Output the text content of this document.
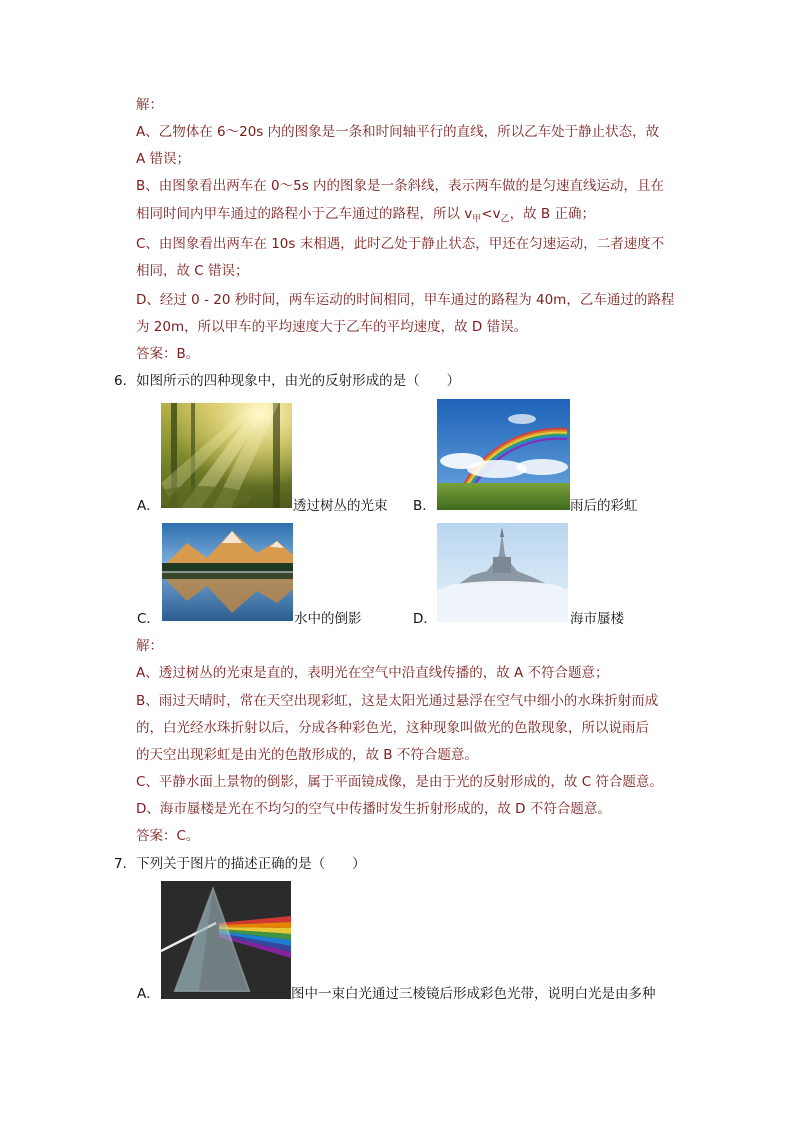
解：
A、乙物体在 6～20s 内的图象是一条和时间轴平行的直线，所以乙车处于静止状态，故
A 错误；
B、由图象看出两车在 0～5s 内的图象是一条斜线，表示两车做的是匀速直线运动，且在
相同时间内甲车通过的路程小于乙车通过的路程，所以 $v_甲<v_乙$，故 B 正确；
C、由图象看出两车在 10s 末相遇，此时乙处于静止状态，甲还在匀速运动，二者速度不
相同，故 C 错误；
D、经过 0 - 20 秒时间，两车运动的时间相同，甲车通过的路程为 40m，乙车通过的路程
为 20m，所以甲车的平均速度大于乙车的平均速度，故 D 错误。
答案：B。
6．如图所示的四种现象中，由光的反射形成的是（　　）
A．	透过树丛的光束 B．	雨后的彩虹
C．	水中的倒影	D．	海市蜃楼
解：
A、透过树丛的光束是直的，表明光在空气中沿直线传播的，故 A 不符合题意；
B、雨过天晴时，常在天空出现彩虹，这是太阳光通过悬浮在空气中细小的水珠折射而成
的，白光经水珠折射以后，分成各种彩色光，这种现象叫做光的色散现象，所以说雨后
的天空出现彩虹是由光的色散形成的，故 B 不符合题意。
C、平静水面上景物的倒影，属于平面镜成像，是由于光的反射形成的，故 C 符合题意。
D、海市蜃楼是光在不均匀的空气中传播时发生折射形成的，故 D 不符合题意。
答案：C。
7．下列关于图片的描述正确的是（　　）
A．	图中一束白光通过三棱镜后形成彩色光带，说明白光是由多种
